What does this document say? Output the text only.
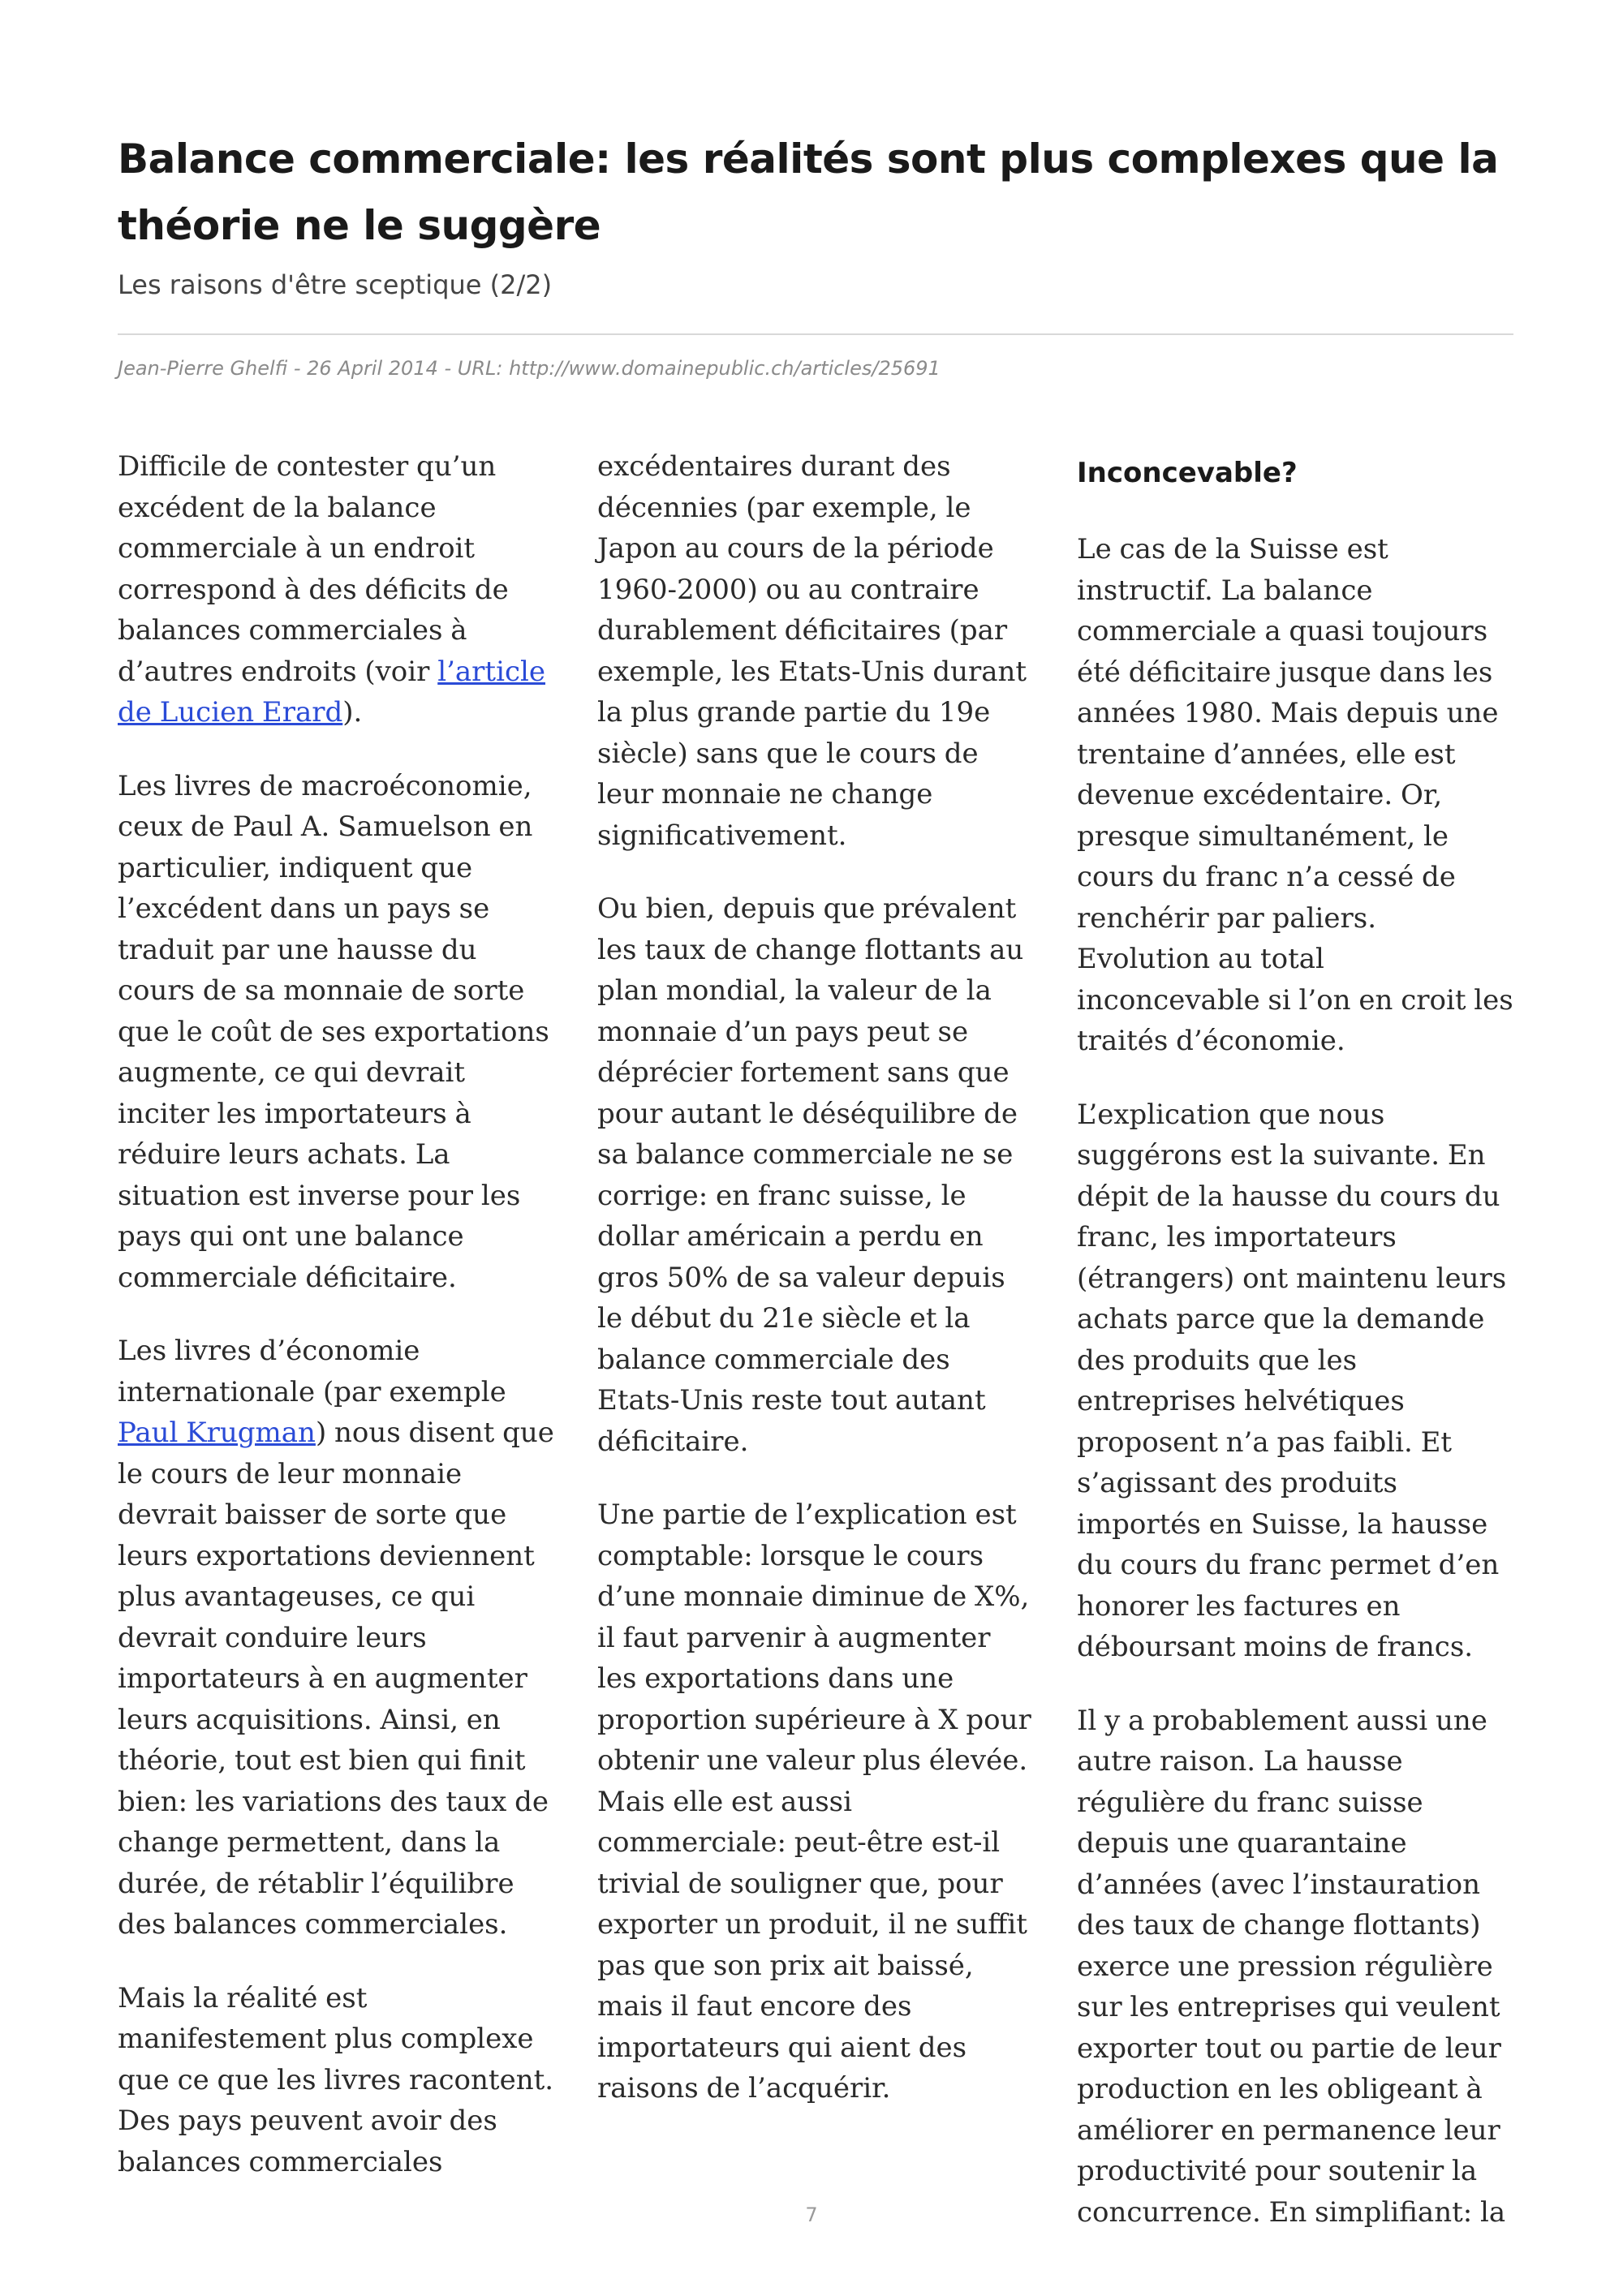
Balance commerciale: les réalités sont plus complexes que la théorie ne le suggère
Les raisons d'être sceptique (2/2)
Jean-Pierre Ghelfi - 26 April 2014 - URL: http://www.domainepublic.ch/articles/25691

Difficile de contester qu’un excédent de la balance commerciale à un endroit correspond à des déficits de balances commerciales à d’autres endroits (voir l’article de Lucien Erard).

Les livres de macroéconomie, ceux de Paul A. Samuelson en particulier, indiquent que l’excédent dans un pays se traduit par une hausse du cours de sa monnaie de sorte que le coût de ses exportations augmente, ce qui devrait inciter les importateurs à réduire leurs achats. La situation est inverse pour les pays qui ont une balance commerciale déficitaire.

Les livres d’économie internationale (par exemple Paul Krugman) nous disent que le cours de leur monnaie devrait baisser de sorte que leurs exportations deviennent plus avantageuses, ce qui devrait conduire leurs importateurs à en augmenter leurs acquisitions. Ainsi, en théorie, tout est bien qui finit bien: les variations des taux de change permettent, dans la durée, de rétablir l’équilibre des balances commerciales.

Mais la réalité est manifestement plus complexe que ce que les livres racontent. Des pays peuvent avoir des balances commerciales

excédentaires durant des décennies (par exemple, le Japon au cours de la période 1960-2000) ou au contraire durablement déficitaires (par exemple, les Etats-Unis durant la plus grande partie du 19e siècle) sans que le cours de leur monnaie ne change significativement.

Ou bien, depuis que prévalent les taux de change flottants au plan mondial, la valeur de la monnaie d’un pays peut se déprécier fortement sans que pour autant le déséquilibre de sa balance commerciale ne se corrige: en franc suisse, le dollar américain a perdu en gros 50% de sa valeur depuis le début du 21e siècle et la balance commerciale des Etats-Unis reste tout autant déficitaire.

Une partie de l’explication est comptable: lorsque le cours d’une monnaie diminue de X%, il faut parvenir à augmenter les exportations dans une proportion supérieure à X pour obtenir une valeur plus élevée. Mais elle est aussi commerciale: peut-être est-il trivial de souligner que, pour exporter un produit, il ne suffit pas que son prix ait baissé, mais il faut encore des importateurs qui aient des raisons de l’acquérir.

Inconcevable?

Le cas de la Suisse est instructif. La balance commerciale a quasi toujours été déficitaire jusque dans les années 1980. Mais depuis une trentaine d’années, elle est devenue excédentaire. Or, presque simultanément, le cours du franc n’a cessé de renchérir par paliers. Evolution au total inconcevable si l’on en croit les traités d’économie.

L’explication que nous suggérons est la suivante. En dépit de la hausse du cours du franc, les importateurs (étrangers) ont maintenu leurs achats parce que la demande des produits que les entreprises helvétiques proposent n’a pas faibli. Et s’agissant des produits importés en Suisse, la hausse du cours du franc permet d’en honorer les factures en déboursant moins de francs.

Il y a probablement aussi une autre raison. La hausse régulière du franc suisse depuis une quarantaine d’années (avec l’instauration des taux de change flottants) exerce une pression régulière sur les entreprises qui veulent exporter tout ou partie de leur production en les obligeant à améliorer en permanence leur productivité pour soutenir la concurrence. En simplifiant: la

7
